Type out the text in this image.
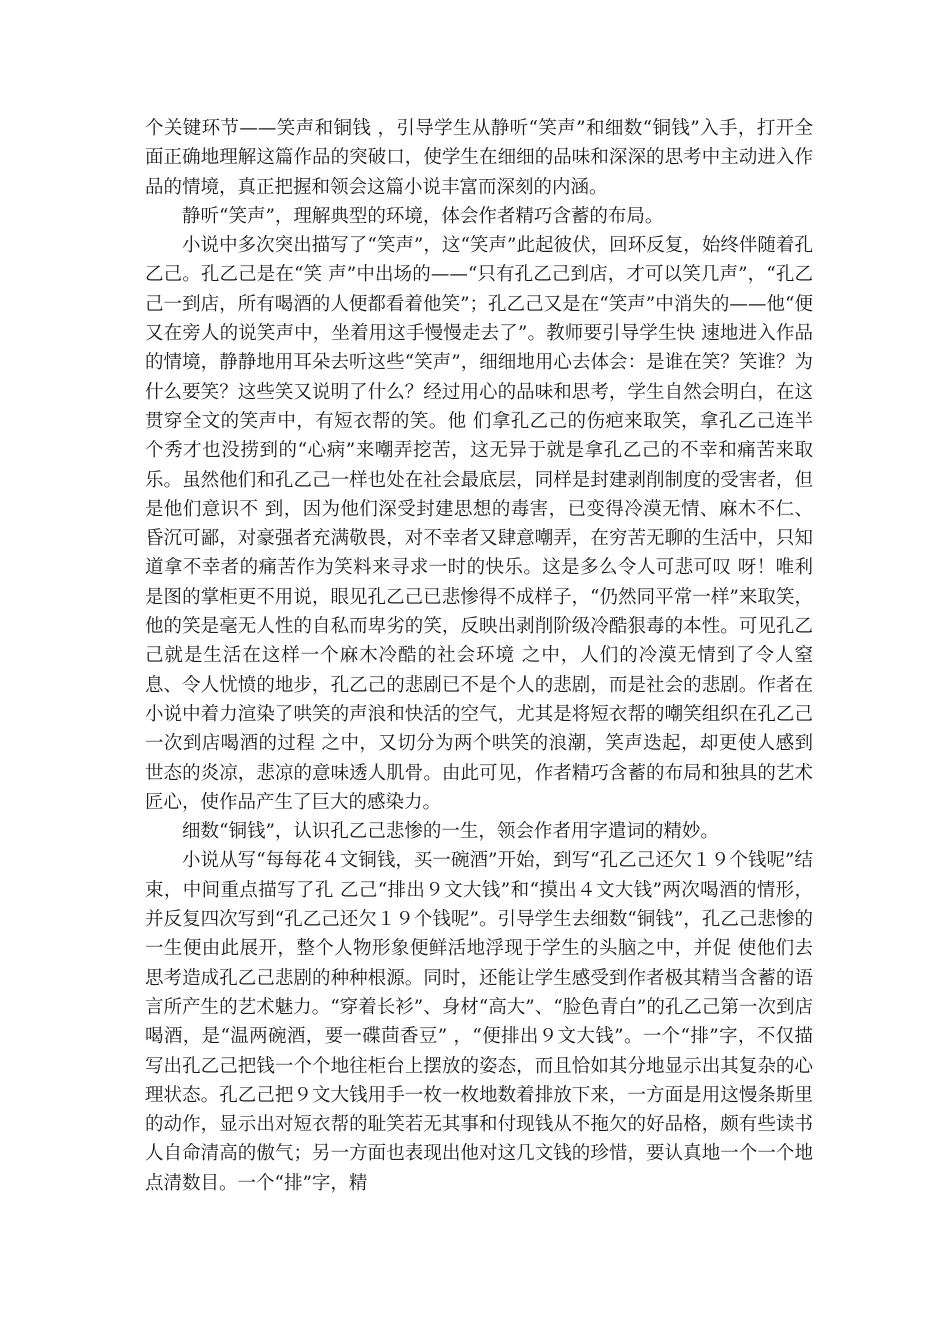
个关键环节——笑声和铜钱 ，引导学生从静听“笑声”和细数“铜钱”入手，打开全面正确地理解这篇作品的突破口，使学生在细细的品味和深深的思考中主动进入作品的情境，真正把握和领会这篇小说丰富而深刻的内涵。

静听“笑声”，理解典型的环境，体会作者精巧含蓄的布局。

小说中多次突出描写了“笑声”，这“笑声”此起彼伏，回环反复，始终伴随着孔乙己。孔乙己是在“笑 声”中出场的——“只有孔乙己到店，才可以笑几声”，“孔乙己一到店，所有喝酒的人便都看着他笑”；孔乙己又是在“笑声”中消失的——他“便又在旁人的说笑声中，坐着用这手慢慢走去了”。教师要引导学生快 速地进入作品的情境，静静地用耳朵去听这些“笑声”，细细地用心去体会：是谁在笑？笑谁？为什么要笑？这些笑又说明了什么？经过用心的品味和思考，学生自然会明白，在这贯穿全文的笑声中，有短衣帮的笑。他 们拿孔乙己的伤疤来取笑，拿孔乙己连半个秀才也没捞到的“心病”来嘲弄挖苦，这无异于就是拿孔乙己的不幸和痛苦来取乐。虽然他们和孔乙己一样也处在社会最底层，同样是封建剥削制度的受害者，但是他们意识不 到，因为他们深受封建思想的毒害，已变得冷漠无情、麻木不仁、昏沉可鄙，对豪强者充满敬畏，对不幸者又肆意嘲弄，在穷苦无聊的生活中，只知道拿不幸者的痛苦作为笑料来寻求一时的快乐。这是多么令人可悲可叹 呀！唯利是图的掌柜更不用说，眼见孔乙己已悲惨得不成样子，“仍然同平常一样”来取笑，他的笑是毫无人性的自私而卑劣的笑，反映出剥削阶级冷酷狠毒的本性。可见孔乙己就是生活在这样一个麻木冷酷的社会环境 之中，人们的冷漠无情到了令人窒息、令人忧愤的地步，孔乙己的悲剧已不是个人的悲剧，而是社会的悲剧。作者在小说中着力渲染了哄笑的声浪和快活的空气，尤其是将短衣帮的嘲笑组织在孔乙己一次到店喝酒的过程 之中，又切分为两个哄笑的浪潮，笑声迭起，却更使人感到世态的炎凉，悲凉的意味透人肌骨。由此可见，作者精巧含蓄的布局和独具的艺术匠心，使作品产生了巨大的感染力。

细数“铜钱”，认识孔乙己悲惨的一生，领会作者用字遣词的精妙。

小说从写“每每花４文铜钱，买一碗酒”开始，到写“孔乙己还欠１９个钱呢”结束，中间重点描写了孔 乙己“排出９文大钱”和“摸出４文大钱”两次喝酒的情形，并反复四次写到“孔乙己还欠１９个钱呢”。引导学生去细数“铜钱”，孔乙己悲惨的一生便由此展开，整个人物形象便鲜活地浮现于学生的头脑之中，并促 使他们去思考造成孔乙己悲剧的种种根源。同时，还能让学生感受到作者极其精当含蓄的语言所产生的艺术魅力。“穿着长衫”、身材“高大”、“脸色青白”的孔乙己第一次到店喝酒，是“温两碗酒，要一碟茴香豆” ，“便排出９文大钱”。一个“排”字，不仅描写出孔乙己把钱一个个地往柜台上摆放的姿态，而且恰如其分地显示出其复杂的心理状态。孔乙己把９文大钱用手一枚一枚地数着排放下来，一方面是用这慢条斯里的动作，显示出对短衣帮的耻笑若无其事和付现钱从不拖欠的好品格，颇有些读书人自命清高的傲气；另一方面也表现出他对这几文钱的珍惜，要认真地一个一个地点清数目。一个“排”字，精
